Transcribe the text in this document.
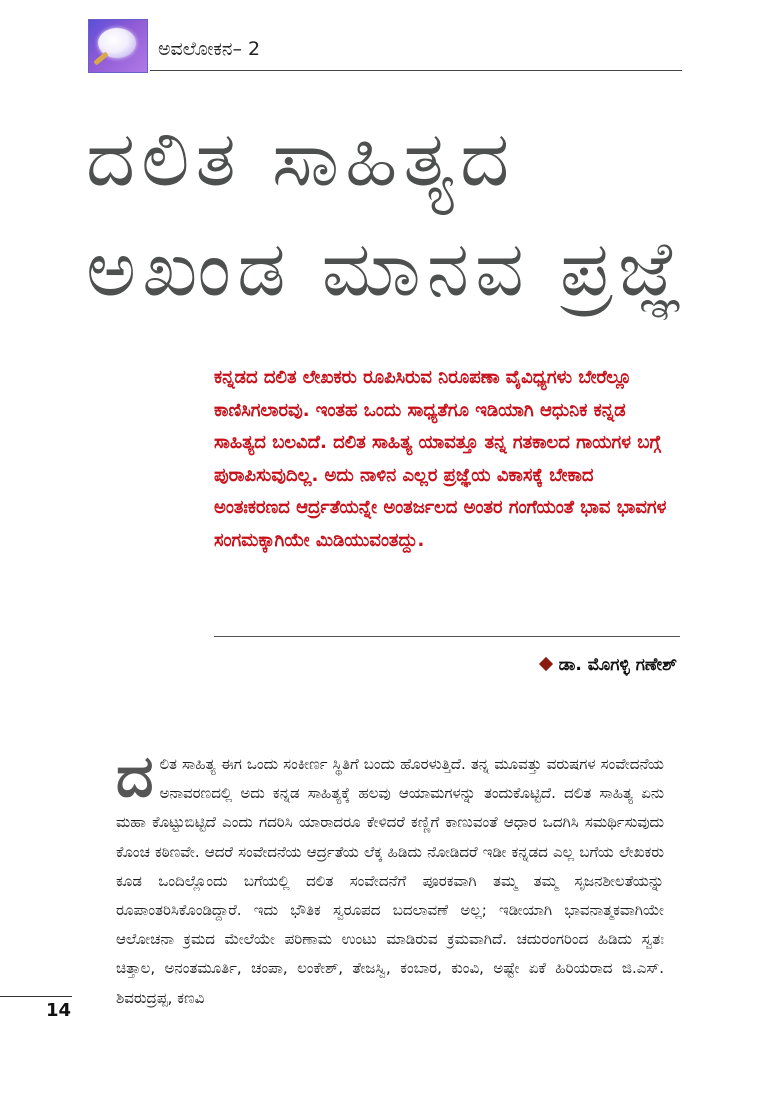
ಅವಲೋಕನ– 2
ದಲಿತ ಸಾಹಿತ್ಯದ
ಅಖಂಡ ಮಾನವ ಪ್ರಜ್ಞೆ

ಕನ್ನಡದ ದಲಿತ ಲೇಖಕರು ರೂಪಿಸಿರುವ ನಿರೂಪಣಾ ವೈವಿಧ್ಯಗಳು ಬೇರೆಲ್ಲೂ ಕಾಣಿಸಿಗಲಾರವು. ಇಂತಹ ಒಂದು ಸಾಧ್ಯತೆಗೂ ಇಡಿಯಾಗಿ ಆಧುನಿಕ ಕನ್ನಡ ಸಾಹಿತ್ಯದ ಬಲವಿದೆ. ದಲಿತ ಸಾಹಿತ್ಯ ಯಾವತ್ತೂ ತನ್ನ ಗತಕಾಲದ ಗಾಯಗಳ ಬಗ್ಗೆ ಪುರಾಪಿಸುವುದಿಲ್ಲ. ಅದು ನಾಳಿನ ಎಲ್ಲರ ಪ್ರಜ್ಞೆಯ ವಿಕಾಸಕ್ಕೆ ಬೇಕಾದ ಅಂತಃಕರಣದ ಆರ್ದ್ರತೆಯನ್ನೇ ಅಂತರ್ಜಲದ ಅಂತರ ಗಂಗೆಯಂತೆ ಭಾವ ಭಾವಗಳ ಸಂಗಮಕ್ಕಾಗಿಯೇ ಮಿಡಿಯುವಂತದ್ದು.

ಡಾ. ಮೊಗಳ್ಳಿ ಗಣೇಶ್

ದಲಿತ ಸಾಹಿತ್ಯ ಈಗ ಒಂದು ಸಂಕೀರ್ಣ ಸ್ಥಿತಿಗೆ ಬಂದು ಹೊರಳುತ್ತಿದೆ. ತನ್ನ ಮೂವತ್ತು ವರುಷಗಳ ಸಂವೇದನೆಯ ಅನಾವರಣದಲ್ಲಿ ಅದು ಕನ್ನಡ ಸಾಹಿತ್ಯಕ್ಕೆ ಹಲವು ಆಯಾಮಗಳನ್ನು ತಂದುಕೊಟ್ಟಿದೆ. ದಲಿತ ಸಾಹಿತ್ಯ ಏನು ಮಹಾ ಕೊಟ್ಟುಬಿಟ್ಟಿದೆ ಎಂದು ಗದರಿಸಿ ಯಾರಾದರೂ ಕೇಳಿದರೆ ಕಣ್ಣಿಗೆ ಕಾಣುವಂತೆ ಆಧಾರ ಒದಗಿಸಿ ಸಮರ್ಥಿಸುವುದು ಕೊಂಚ ಕಠಿಣವೇ. ಆದರೆ ಸಂವೇದನೆಯ ಆರ್ದ್ರತೆಯ ಲೆಕ್ಕ ಹಿಡಿದು ನೋಡಿದರೆ ಇಡೀ ಕನ್ನಡದ ಎಲ್ಲ ಬಗೆಯ ಲೇಖಕರು ಕೂಡ ಒಂದಿಲ್ಲೊಂದು ಬಗೆಯಲ್ಲಿ ದಲಿತ ಸಂವೇದನೆಗೆ ಪೂರಕವಾಗಿ ತಮ್ಮ ತಮ್ಮ ಸೃಜನಶೀಲತೆಯನ್ನು ರೂಪಾಂತರಿಸಿಕೊಂಡಿದ್ದಾರೆ. ಇದು ಭೌತಿಕ ಸ್ವರೂಪದ ಬದಲಾವಣೆ ಅಲ್ಲ; ಇಡೀಯಾಗಿ ಭಾವನಾತ್ಮಕವಾಗಿಯೇ ಆಲೋಚನಾ ಕ್ರಮದ ಮೇಲೆಯೇ ಪರಿಣಾಮ ಉಂಟು ಮಾಡಿರುವ ಕ್ರಮವಾಗಿದೆ. ಚದುರಂಗರಿಂದ ಹಿಡಿದು ಸ್ವತಃ ಚಿತ್ತಾಲ, ಅನಂತಮೂರ್ತಿ, ಚಂಪಾ, ಲಂಕೇಶ್, ತೇಜಸ್ವಿ, ಕಂಬಾರ, ಕುಂವಿ, ಅಷ್ಟೇ ಏಕೆ ಹಿರಿಯರಾದ ಜಿ.ಎಸ್. ಶಿವರುದ್ರಪ್ಪ, ಕಣವಿ

14
